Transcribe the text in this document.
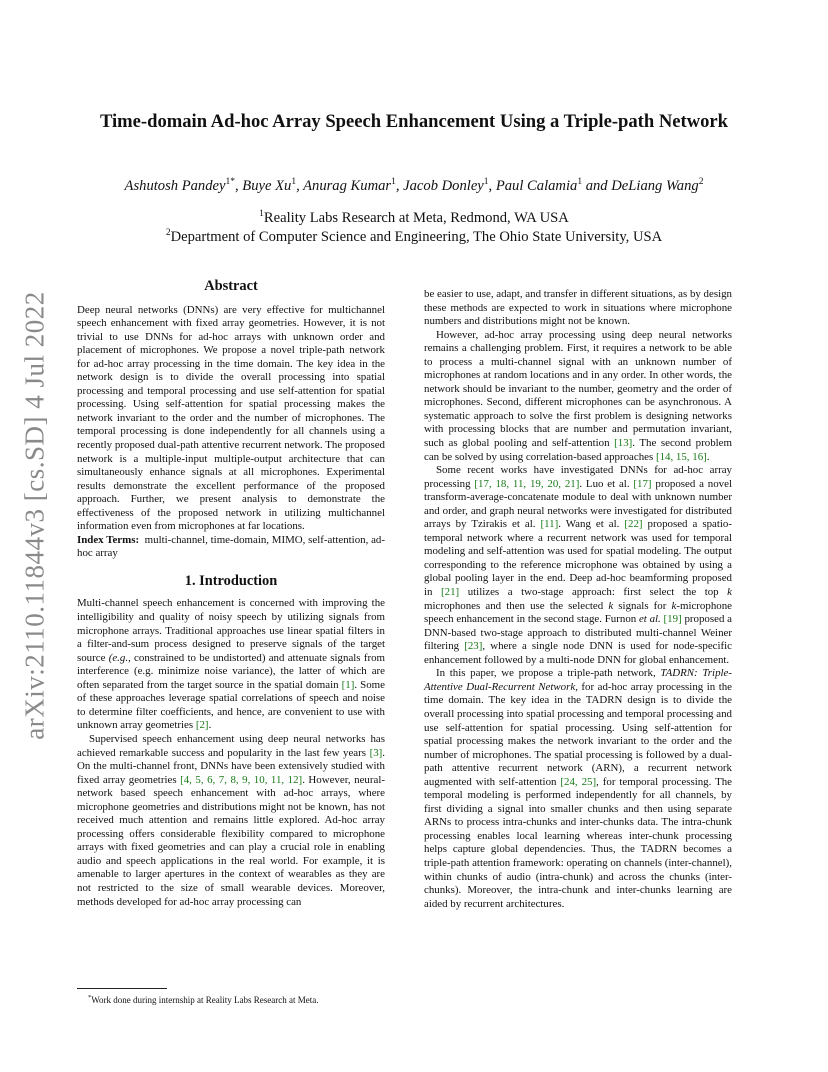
arXiv:2110.11844v3 [cs.SD] 4 Jul 2022
Time-domain Ad-hoc Array Speech Enhancement Using a Triple-path Network
Ashutosh Pandey$^{1*}$, Buye Xu$^1$, Anurag Kumar$^1$, Jacob Donley$^1$, Paul Calamia$^1$ and DeLiang Wang$^2$
$^1$Reality Labs Research at Meta, Redmond, WA USA
$^2$Department of Computer Science and Engineering, The Ohio State University, USA
Abstract

Deep neural networks (DNNs) are very effective for multichannel speech enhancement with fixed array geometries. However, it is not trivial to use DNNs for ad-hoc arrays with unknown order and placement of microphones. We propose a novel triple-path network for ad-hoc array processing in the time domain. The key idea in the network design is to divide the overall processing into spatial processing and temporal processing and use self-attention for spatial processing. Using self-attention for spatial processing makes the network invariant to the order and the number of microphones. The temporal processing is done independently for all channels using a recently proposed dual-path attentive recurrent network. The proposed network is a multiple-input multiple-output architecture that can simultaneously enhance signals at all microphones. Experimental results demonstrate the excellent performance of the proposed approach. Further, we present analysis to demonstrate the effectiveness of the proposed network in utilizing multichannel information even from microphones at far locations.

Index Terms: multi-channel, time-domain, MIMO, self-attention, ad-hoc array

1. Introduction

Multi-channel speech enhancement is concerned with improving the intelligibility and quality of noisy speech by utilizing signals from microphone arrays. Traditional approaches use linear spatial filters in a filter-and-sum process designed to preserve signals of the target source (e.g., constrained to be undistorted) and attenuate signals from interference (e.g. minimize noise variance), the latter of which are often separated from the target source in the spatial domain [1]. Some of these approaches leverage spatial correlations of speech and noise to determine filter coefficients, and hence, are convenient to use with unknown array geometries [2].

Supervised speech enhancement using deep neural networks has achieved remarkable success and popularity in the last few years [3]. On the multi-channel front, DNNs have been extensively studied with fixed array geometries [4, 5, 6, 7, 8, 9, 10, 11, 12]. However, neural-network based speech enhancement with ad-hoc arrays, where microphone geometries and distributions might not be known, has not received much attention and remains little explored. Ad-hoc array processing offers considerable flexibility compared to microphone arrays with fixed geometries and can play a crucial role in enabling audio and speech applications in the real world. For example, it is amenable to larger apertures in the context of wearables as they are not restricted to the size of small wearable devices. Moreover, methods developed for ad-hoc array processing can

be easier to use, adapt, and transfer in different situations, as by design these methods are expected to work in situations where microphone numbers and distributions might not be known.

However, ad-hoc array processing using deep neural networks remains a challenging problem. First, it requires a network to be able to process a multi-channel signal with an unknown number of microphones at random locations and in any order. In other words, the network should be invariant to the number, geometry and the order of microphones. Second, different microphones can be asynchronous. A systematic approach to solve the first problem is designing networks with processing blocks that are number and permutation invariant, such as global pooling and self-attention [13]. The second problem can be solved by using correlation-based approaches [14, 15, 16].

Some recent works have investigated DNNs for ad-hoc array processing [17, 18, 11, 19, 20, 21]. Luo et al. [17] proposed a novel transform-average-concatenate module to deal with unknown number and order, and graph neural networks were investigated for distributed arrays by Tzirakis et al. [11]. Wang et al. [22] proposed a spatio-temporal network where a recurrent network was used for temporal modeling and self-attention was used for spatial modeling. The output corresponding to the reference microphone was obtained by using a global pooling layer in the end. Deep ad-hoc beamforming proposed in [21] utilizes a two-stage approach: first select the top k microphones and then use the selected k signals for k-microphone speech enhancement in the second stage. Furnon et al. [19] proposed a DNN-based two-stage approach to distributed multi-channel Weiner filtering [23], where a single node DNN is used for node-specific enhancement followed by a multi-node DNN for global enhancement.

In this paper, we propose a triple-path network, TADRN: Triple-Attentive Dual-Recurrent Network, for ad-hoc array processing in the time domain. The key idea in the TADRN design is to divide the overall processing into spatial processing and temporal processing and use self-attention for spatial processing. Using self-attention for spatial processing makes the network invariant to the order and the number of microphones. The spatial processing is followed by a dual-path attentive recurrent network (ARN), a recurrent network augmented with self-attention [24, 25], for temporal processing. The temporal modeling is performed independently for all channels, by first dividing a signal into smaller chunks and then using separate ARNs to process intra-chunks and inter-chunks data. The intra-chunk processing enables local learning whereas inter-chunk processing helps capture global dependencies. Thus, the TADRN becomes a triple-path attention framework: operating on channels (inter-channel), within chunks of audio (intra-chunk) and across the chunks (inter-chunks). Moreover, the intra-chunk and inter-chunks learning are aided by recurrent architectures.

*Work done during internship at Reality Labs Research at Meta.
